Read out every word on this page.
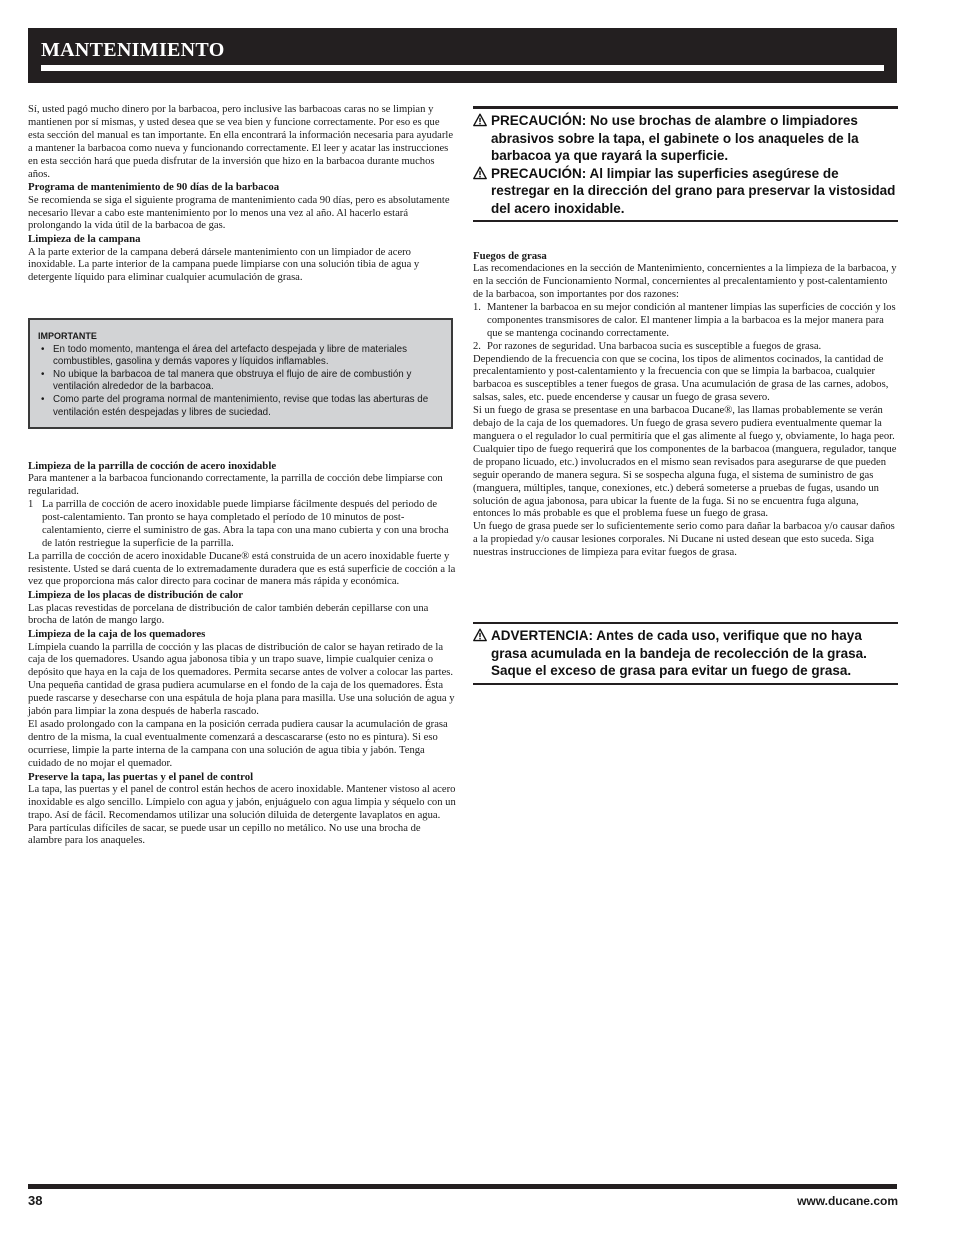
MANTENIMIENTO

Sí, usted pagó mucho dinero por la barbacoa, pero inclusive las barbacoas caras no se limpian y mantienen por sí mismas, y usted desea que se vea bien y funcione correctamente. Por eso es que esta sección del manual es tan importante. En ella encontrará la información necesaria para ayudarle a mantener la barbacoa como nueva y funcionando correctamente. El leer y acatar las instrucciones en esta sección hará que pueda disfrutar de la inversión que hizo en la barbacoa durante muchos años.

Programa de mantenimiento de 90 días de la barbacoa

Se recomienda se siga el siguiente programa de mantenimiento cada 90 días, pero es absolutamente necesario llevar a cabo este mantenimiento por lo menos una vez al año. Al hacerlo estará prolongando la vida útil de la barbacoa de gas.

Limpieza de la campana

A la parte exterior de la campana deberá dársele mantenimiento con un limpiador de acero inoxidable. La parte interior de la campana puede limpiarse con una solución tibia de agua y detergente líquido para eliminar cualquier acumulación de grasa.

IMPORTANTE
• En todo momento, mantenga el área del artefacto despejada y libre de materiales combustibles, gasolina y demás vapores y líquidos inflamables.
• No ubique la barbacoa de tal manera que obstruya el flujo de aire de combustión y ventilación alrededor de la barbacoa.
• Como parte del programa normal de mantenimiento, revise que todas las aberturas de ventilación estén despejadas y libres de suciedad.
Limpieza de la parrilla de cocción de acero inoxidable

Para mantener a la barbacoa funcionando correctamente, la parrilla de cocción debe limpiarse con regularidad.

1 La parrilla de cocción de acero inoxidable puede limpiarse fácilmente después del periodo de post-calentamiento. Tan pronto se haya completado el período de 10 minutos de post-calentamiento, cierre el suministro de gas. Abra la tapa con una mano cubierta y con una brocha de latón restriegue la superficie de la parrilla.

La parrilla de cocción de acero inoxidable Ducane® está construida de un acero inoxidable fuerte y resistente. Usted se dará cuenta de lo extremadamente duradera que es está superficie de cocción a la vez que proporciona más calor directo para cocinar de manera más rápida y económica.

Limpieza de los placas de distribución de calor

Las placas revestidas de porcelana de distribución de calor también deberán cepillarse con una brocha de latón de mango largo.

Limpieza de la caja de los quemadores

Límpiela cuando la parrilla de cocción y las placas de distribución de calor se hayan retirado de la caja de los quemadores. Usando agua jabonosa tibia y un trapo suave, limpie cualquier ceniza o depósito que haya en la caja de los quemadores. Permita secarse antes de volver a colocar las partes.

Una pequeña cantidad de grasa pudiera acumularse en el fondo de la caja de los quemadores. Ésta puede rascarse y desecharse con una espátula de hoja plana para masilla. Use una solución de agua y jabón para limpiar la zona después de haberla rascado.

El asado prolongado con la campana en la posición cerrada pudiera causar la acumulación de grasa dentro de la misma, la cual eventualmente comenzará a descascararse (esto no es pintura). Si eso ocurriese, limpie la parte interna de la campana con una solución de agua tibia y jabón. Tenga cuidado de no mojar el quemador.

Preserve la tapa, las puertas y el panel de control

La tapa, las puertas y el panel de control están hechos de acero inoxidable. Mantener vistoso al acero inoxidable es algo sencillo. Límpielo con agua y jabón, enjuáguelo con agua limpia y séquelo con un trapo. Así de fácil. Recomendamos utilizar una solución diluida de detergente lavaplatos en agua. Para partículas difíciles de sacar, se puede usar un cepillo no metálico. No use una brocha de alambre para los anaqueles.

PRECAUCIÓN: No use brochas de alambre o limpiadores abrasivos sobre la tapa, el gabinete o los anaqueles de la barbacoa ya que rayará la superficie.
PRECAUCIÓN: Al limpiar las superficies asegúrese de restregar en la dirección del grano para preservar la vistosidad del acero inoxidable.
Fuegos de grasa

Las recomendaciones en la sección de Mantenimiento, concernientes a la limpieza de la barbacoa, y en la sección de Funcionamiento Normal, concernientes al precalentamiento y post-calentamiento de la barbacoa, son importantes por dos razones:

1. Mantener la barbacoa en su mejor condición al mantener limpias las superficies de cocción y los componentes transmisores de calor. El mantener limpia a la barbacoa es la mejor manera para que se mantenga cocinando correctamente.
2. Por razones de seguridad. Una barbacoa sucia es susceptible a fuegos de grasa.

Dependiendo de la frecuencia con que se cocina, los tipos de alimentos cocinados, la cantidad de precalentamiento y post-calentamiento y la frecuencia con que se limpia la barbacoa, cualquier barbacoa es susceptibles a tener fuegos de grasa. Una acumulación de grasa de las carnes, adobos, salsas, sales, etc. puede encenderse y causar un fuego de grasa severo.

Si un fuego de grasa se presentase en una barbacoa Ducane®, las llamas probablemente se verán debajo de la caja de los quemadores. Un fuego de grasa severo pudiera eventualmente quemar la manguera o el regulador lo cual permitiría que el gas alimente al fuego y, obviamente, lo haga peor.

Cualquier tipo de fuego requerirá que los componentes de la barbacoa (manguera, regulador, tanque de propano licuado, etc.) involucrados en el mismo sean revisados para asegurarse de que pueden seguir operando de manera segura. Si se sospecha alguna fuga, el sistema de suministro de gas (manguera, múltiples, tanque, conexiones, etc.) deberá someterse a pruebas de fugas, usando un solución de agua jabonosa, para ubicar la fuente de la fuga. Si no se encuentra fuga alguna, entonces lo más probable es que el problema fuese un fuego de grasa.

Un fuego de grasa puede ser lo suficientemente serio como para dañar la barbacoa y/o causar daños a la propiedad y/o causar lesiones corporales. Ni Ducane ni usted desean que esto suceda. Siga nuestras instrucciones de limpieza para evitar fuegos de grasa.

ADVERTENCIA: Antes de cada uso, verifique que no haya grasa acumulada en la bandeja de recolección de la grasa. Saque el exceso de grasa para evitar un fuego de grasa.
38	www.ducane.com
